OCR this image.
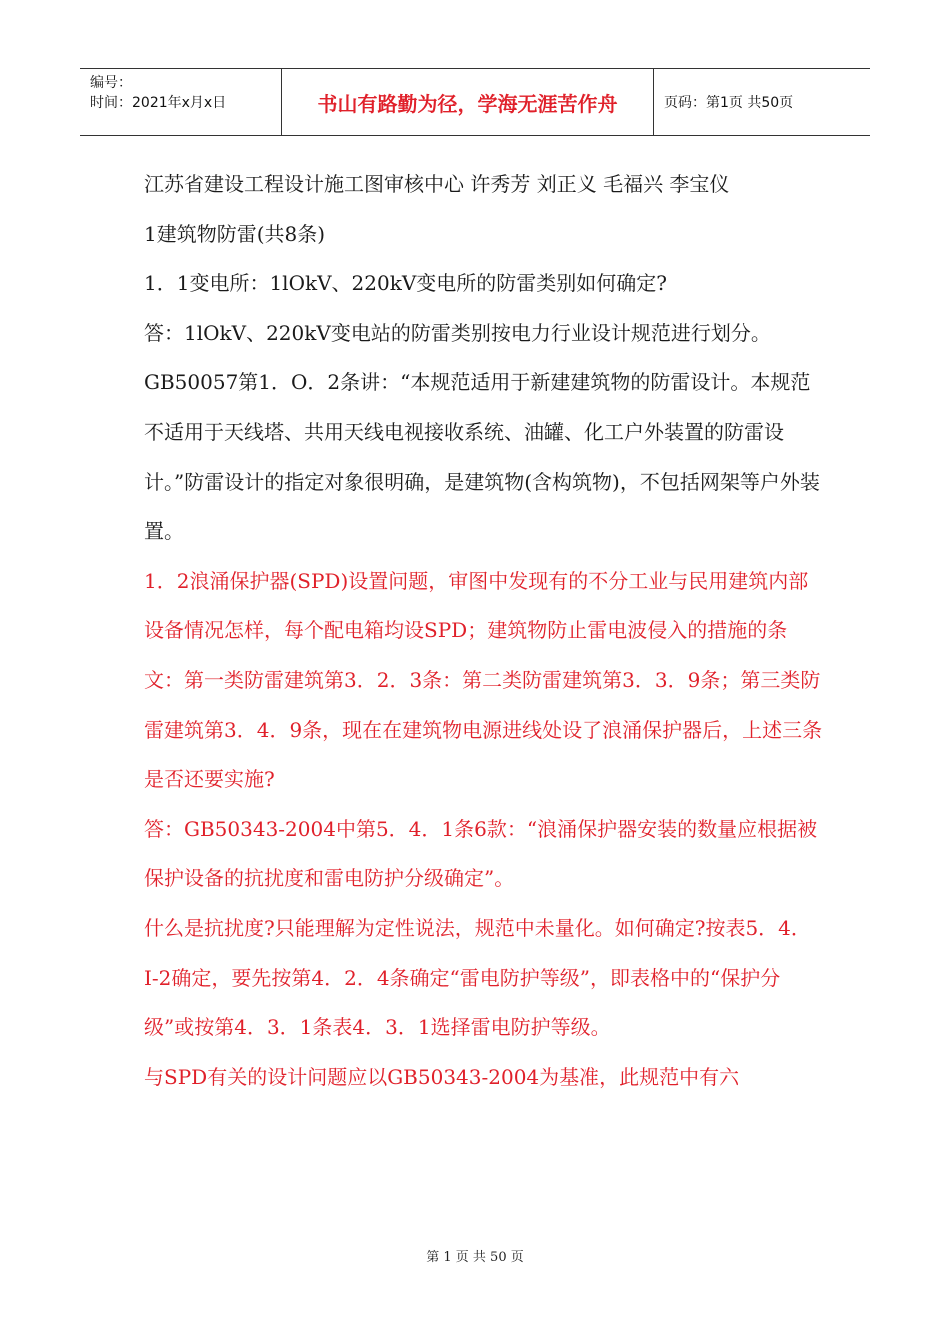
编号：
时间：2021年x月x日	书山有路勤为径，学海无涯苦作舟	页码：第1页 共50页

江苏省建设工程设计施工图审核中心 许秀芳 刘正义 毛福兴 李宝仪

1建筑物防雷(共8条)

1．1变电所：1lOkV、220kV变电所的防雷类别如何确定?

答：1lOkV、220kV变电站的防雷类别按电力行业设计规范进行划分。GB50057第1．O．2条讲：“本规范适用于新建建筑物的防雷设计。本规范不适用于天线塔、共用天线电视接收系统、油罐、化工户外装置的防雷设计。”防雷设计的指定对象很明确，是建筑物(含构筑物)，不包括网架等户外装置。

1．2浪涌保护器(SPD)设置问题，审图中发现有的不分工业与民用建筑内部设备情况怎样，每个配电箱均设SPD；建筑物防止雷电波侵入的措施的条文：第一类防雷建筑第3．2．3条：第二类防雷建筑第3．3．9条；第三类防雷建筑第3．4．9条，现在在建筑物电源进线处设了浪涌保护器后，上述三条是否还要实施?

答：GB50343-2004中第5．4．1条6款：“浪涌保护器安装的数量应根据被保护设备的抗扰度和雷电防护分级确定”。

什么是抗扰度?只能理解为定性说法，规范中未量化。如何确定?按表5．4．I-2确定，要先按第4．2．4条确定“雷电防护等级”，即表格中的“保护分级”或按第4．3．1条表4．3．1选择雷电防护等级。

与SPD有关的设计问题应以GB50343-2004为基准，此规范中有六

第 1 页 共 50 页
